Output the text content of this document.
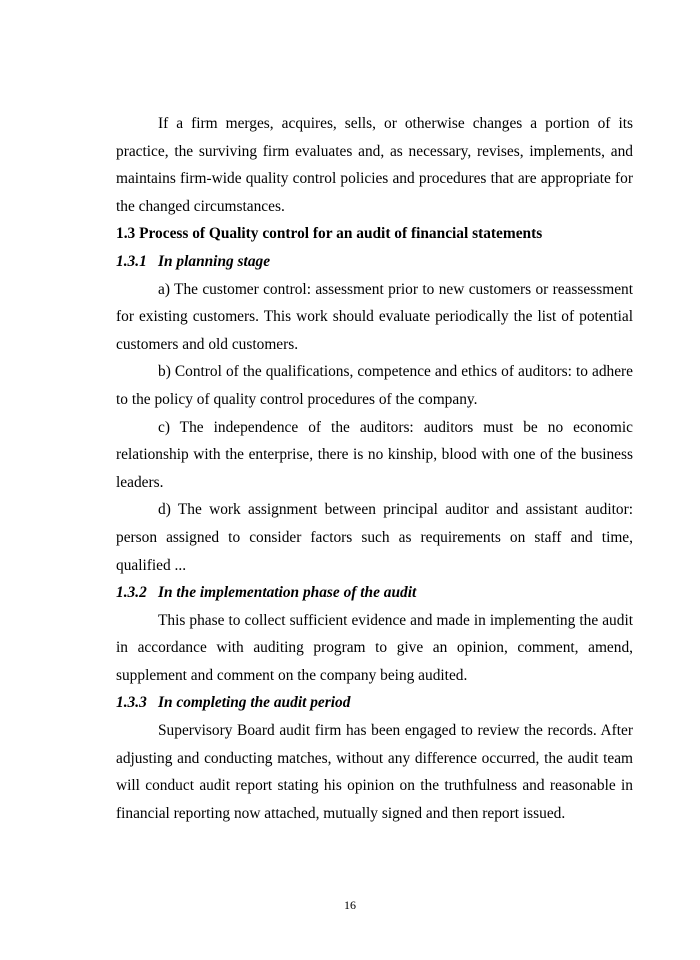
If a firm merges, acquires, sells, or otherwise changes a portion of its practice, the surviving firm evaluates and, as necessary, revises, implements, and maintains firm-wide quality control policies and procedures that are appropriate for the changed circumstances.

1.3 Process of Quality control for an audit of financial statements

1.3.1 In planning stage

a) The customer control: assessment prior to new customers or reassessment for existing customers. This work should evaluate periodically the list of potential customers and old customers.

b) Control of the qualifications, competence and ethics of auditors: to adhere to the policy of quality control procedures of the company.

c) The independence of the auditors: auditors must be no economic relationship with the enterprise, there is no kinship, blood with one of the business leaders.

d) The work assignment between principal auditor and assistant auditor: person assigned to consider factors such as requirements on staff and time, qualified ...

1.3.2 In the implementation phase of the audit

This phase to collect sufficient evidence and made in implementing the audit in accordance with auditing program to give an opinion, comment, amend, supplement and comment on the company being audited.

1.3.3 In completing the audit period

Supervisory Board audit firm has been engaged to review the records. After adjusting and conducting matches, without any difference occurred, the audit team will conduct audit report stating his opinion on the truthfulness and reasonable in financial reporting now attached, mutually signed and then report issued.

16
